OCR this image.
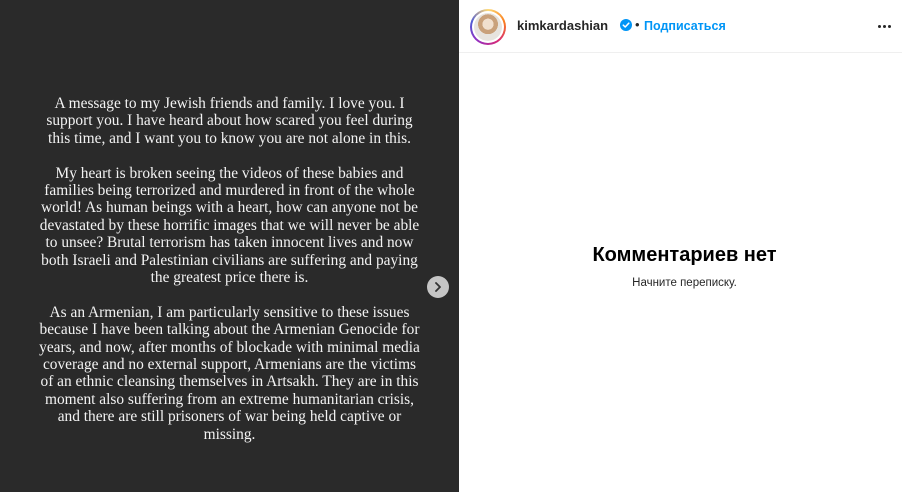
A message to my Jewish friends and family. I love you. I support you. I have heard about how scared you feel during this time, and I want you to know you are not alone in this.

My heart is broken seeing the videos of these babies and families being terrorized and murdered in front of the whole world! As human beings with a heart, how can anyone not be devastated by these horrific images that we will never be able to unsee? Brutal terrorism has taken innocent lives and now both Israeli and Palestinian civilians are suffering and paying the greatest price there is.

As an Armenian, I am particularly sensitive to these issues because I have been talking about the Armenian Genocide for years, and now, after months of blockade with minimal media coverage and no external support, Armenians are the victims of an ethnic cleansing themselves in Artsakh. They are in this moment also suffering from an extreme humanitarian crisis, and there are still prisoners of war being held captive or missing.

kimkardashian • Подписаться
Комментариев нет
Начните переписку.
